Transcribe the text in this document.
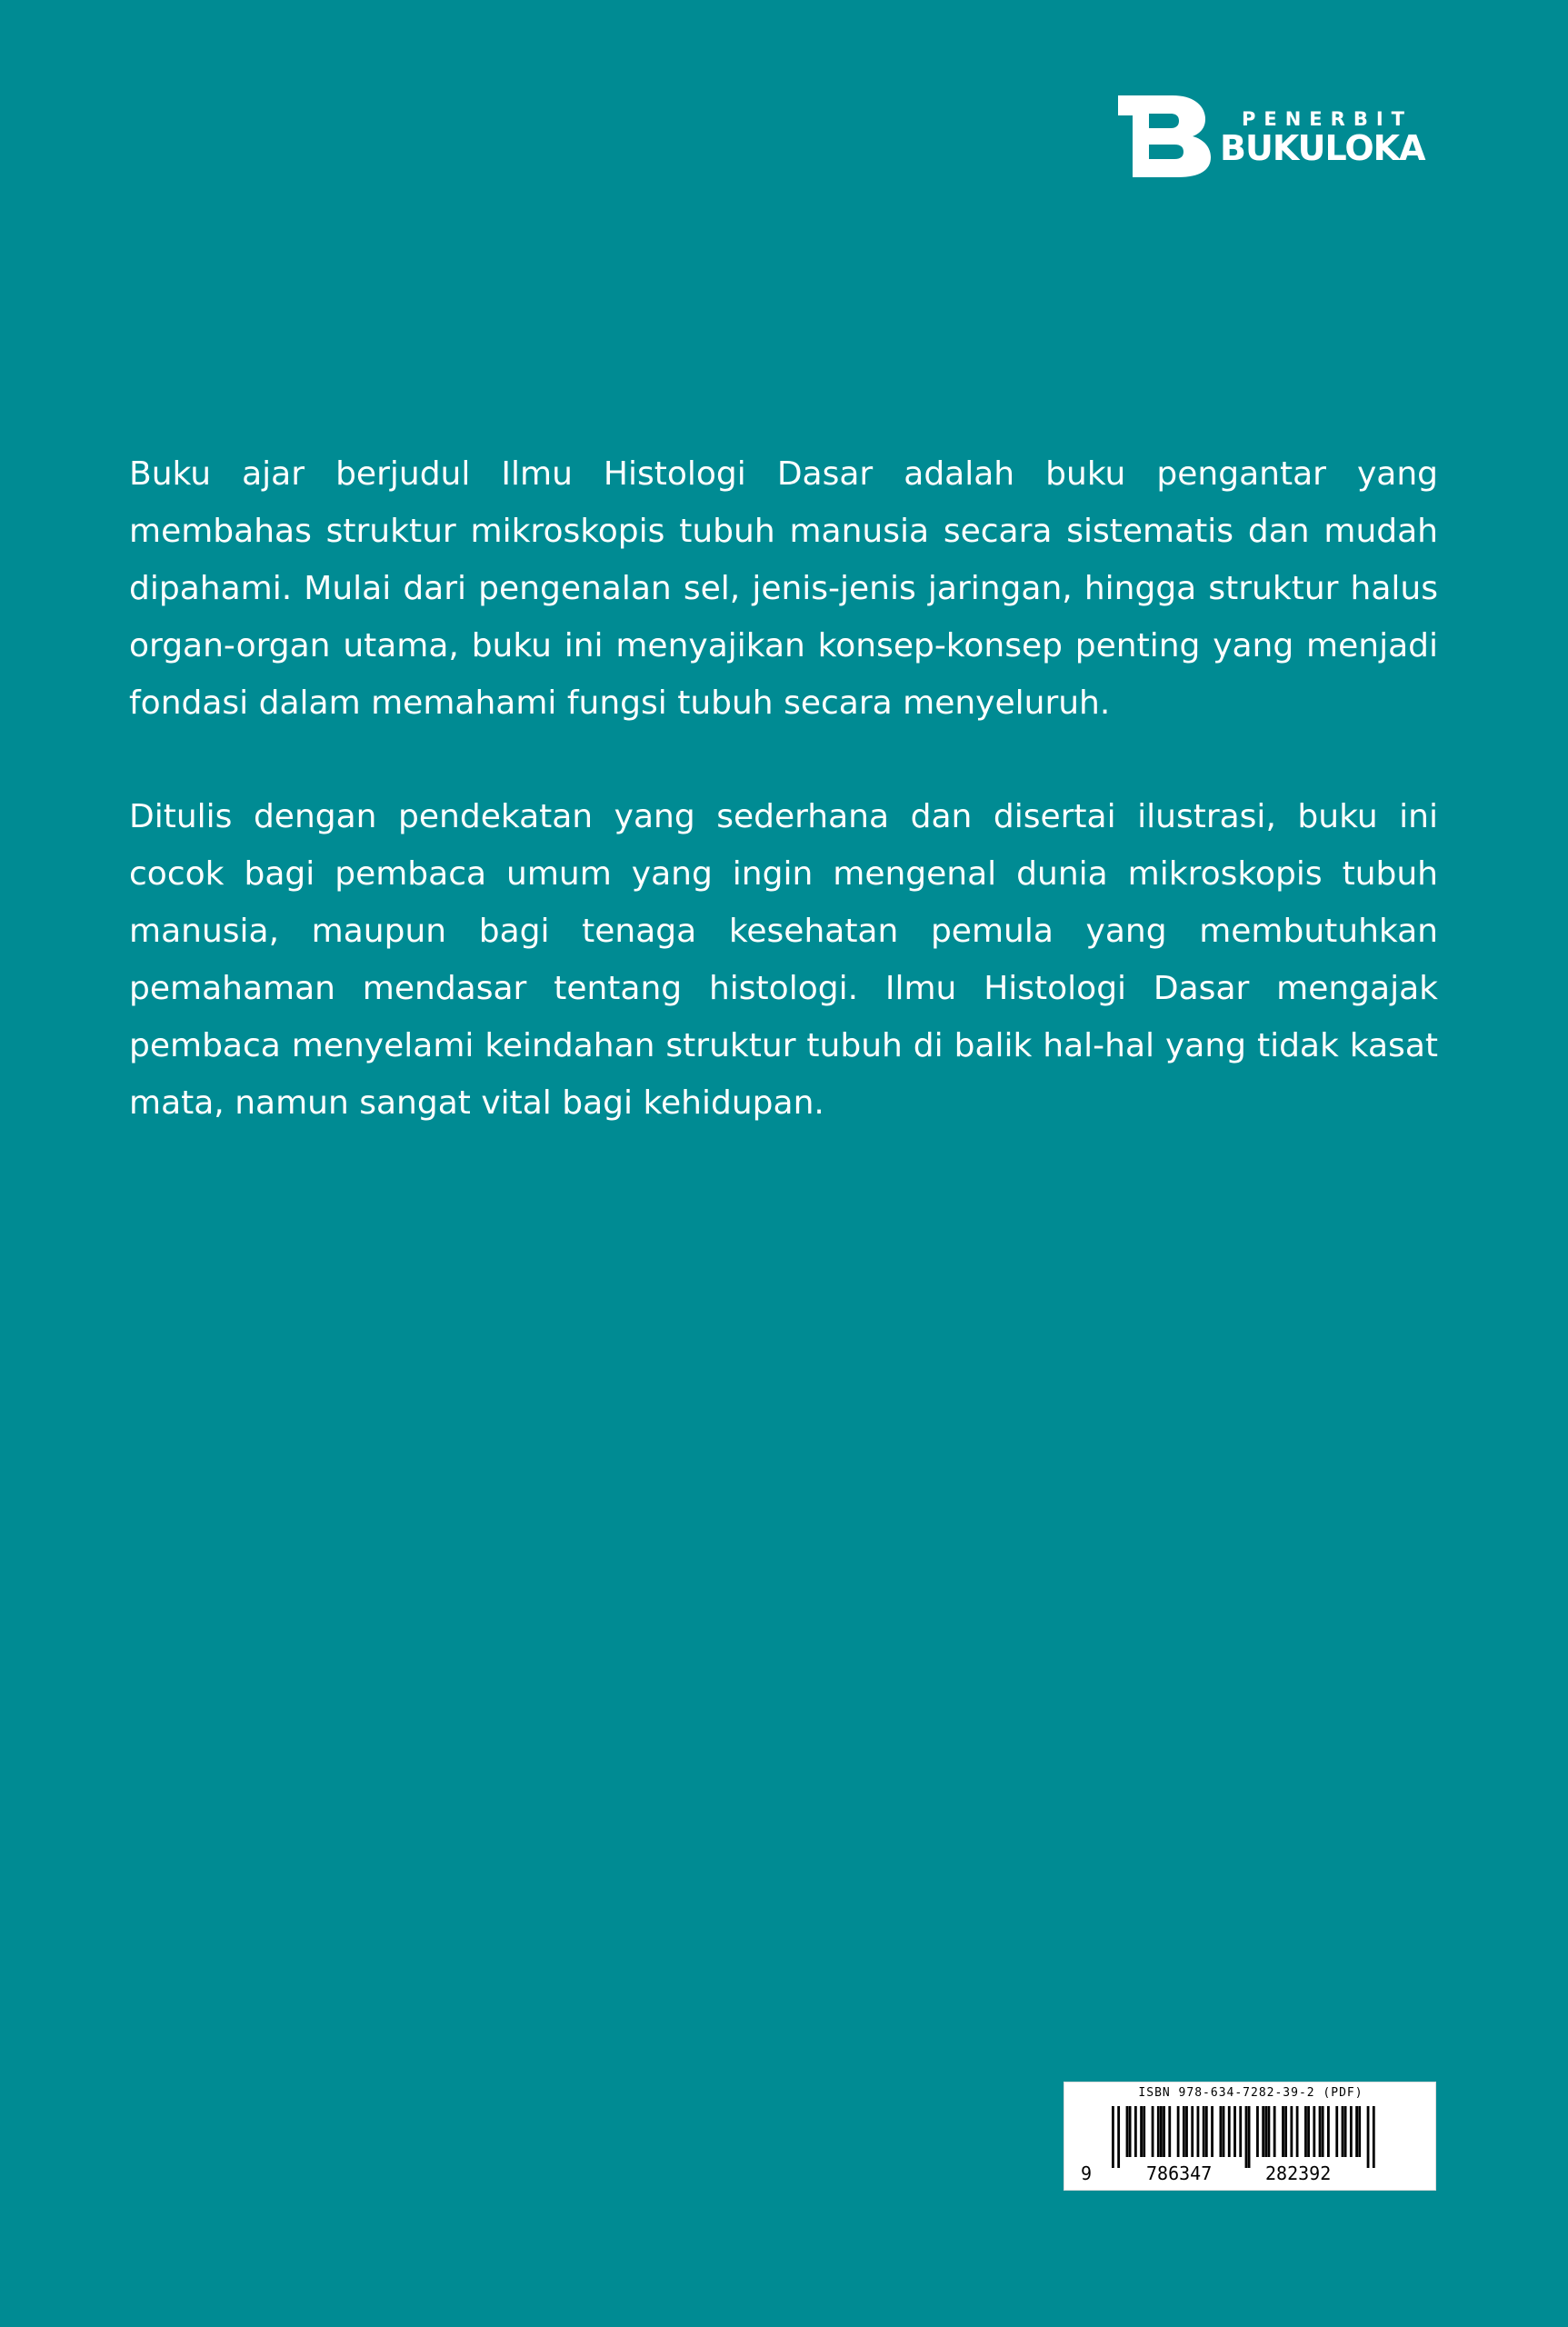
PENERBIT
BUKULOKA

Buku ajar berjudul Ilmu Histologi Dasar adalah buku pengantar yang membahas struktur mikroskopis tubuh manusia secara sistematis dan mudah dipahami. Mulai dari pengenalan sel, jenis-jenis jaringan, hingga struktur halus organ-organ utama, buku ini menyajikan konsep-konsep penting yang menjadi fondasi dalam memahami fungsi tubuh secara menyeluruh.

Ditulis dengan pendekatan yang sederhana dan disertai ilustrasi, buku ini cocok bagi pembaca umum yang ingin mengenal dunia mikroskopis tubuh manusia, maupun bagi tenaga kesehatan pemula yang membutuhkan pemahaman mendasar tentang histologi. Ilmu Histologi Dasar mengajak pembaca menyelami keindahan struktur tubuh di balik hal-hal yang tidak kasat mata, namun sangat vital bagi kehidupan.

ISBN 978-634-7282-39-2 (PDF)
9	786347	282392
